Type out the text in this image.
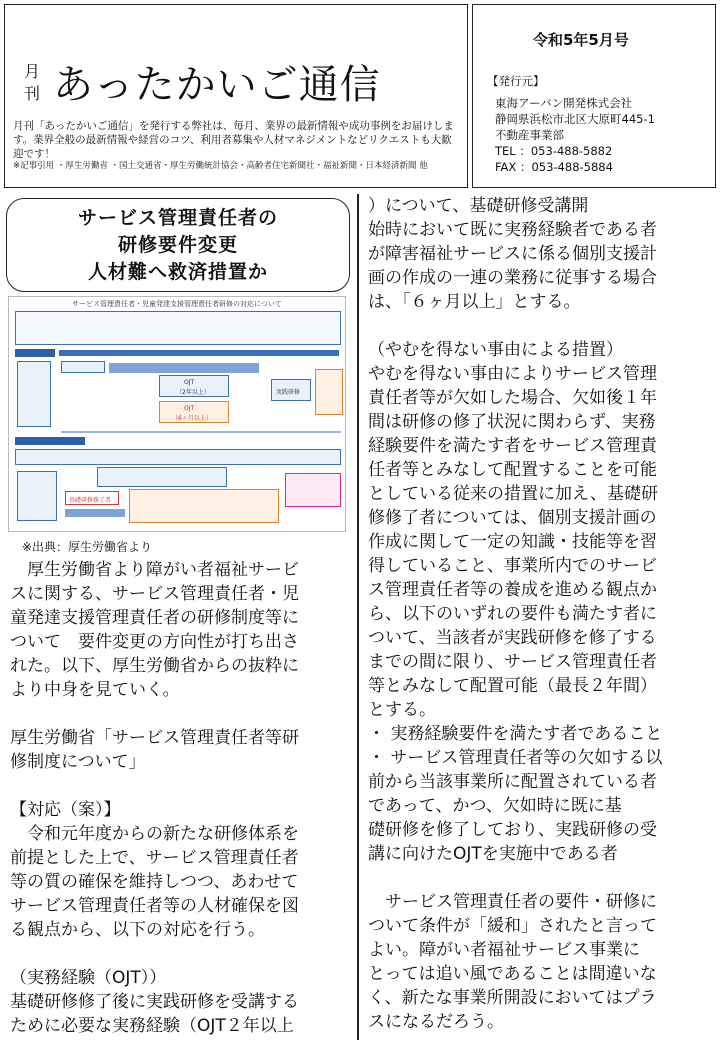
月
刊 あったかいご通信
月刊「あったかいご通信」を発行する弊社は、毎月、業界の最新情報や成功事例をお届けしま
す。業界全般の最新情報や経営のコツ、利用者募集や人材マネジメントなどリクエストも大歓
迎です！
※記事引用 ・厚生労働省 ・国土交通省・厚生労働統計協会・高齢者住宅新聞社・福祉新聞・日本経済新聞 他
令和5年5月号
【発行元】
東海アーバン開発株式会社
静岡県浜松市北区大原町445-1
不動産事業部
TEL ：053-488-5882
FAX ：053-488-5884
サービス管理責任者の
研修要件変更
人材難へ救済措置か
サービス管理責任者・児童発達支援管理責任者研修の対応について
OJT
（2年以上）
OJT
（6ヶ月以上）
実践研修
基礎研修修了者
※出典：厚生労働省より

　厚生労働省より障がい者福祉サービ

スに関する、サービス管理責任者・児

童発達支援管理責任者の研修制度等に

ついて　要件変更の方向性が打ち出さ

れた。以下、厚生労働省からの抜粋に

より中身を見ていく。

厚生労働省「サービス管理責任者等研

修制度について」

【対応（案）】

　令和元年度からの新たな研修体系を

前提とした上で、サービス管理責任者

等の質の確保を維持しつつ、あわせて

サービス管理責任者等の人材確保を図

る観点から、以下の対応を行う。

（実務経験（OJT））

基礎研修修了後に実践研修を受講する

ために必要な実務経験（OJT２年以上

）について、基礎研修受講開

始時において既に実務経験者である者

が障害福祉サービスに係る個別支援計

画の作成の一連の業務に従事する場合

は、「６ヶ月以上」とする。

（やむを得ない事由による措置）

やむを得ない事由によりサービス管理

責任者等が欠如した場合、欠如後１年

間は研修の修了状況に関わらず、実務

経験要件を満たす者をサービス管理責

任者等とみなして配置することを可能

としている従来の措置に加え、基礎研

修修了者については、個別支援計画の

作成に関して一定の知識・技能等を習

得していること、事業所内でのサービ

ス管理責任者等の養成を進める観点か

ら、以下のいずれの要件も満たす者に

ついて、当該者が実践研修を修了する

までの間に限り、サービス管理責任者

等とみなして配置可能（最長２年間）

とする。

・ 実務経験要件を満たす者であること

・ サービス管理責任者等の欠如する以

前から当該事業所に配置されている者

であって、かつ、欠如時に既に基

礎研修を修了しており、実践研修の受

講に向けたOJTを実施中である者

　サービス管理責任者の要件・研修に

ついて条件が「緩和」されたと言って

よい。障がい者福祉サービス事業に

とっては追い風であることは間違いな

く、新たな事業所開設においてはプラ

スになるだろう。
